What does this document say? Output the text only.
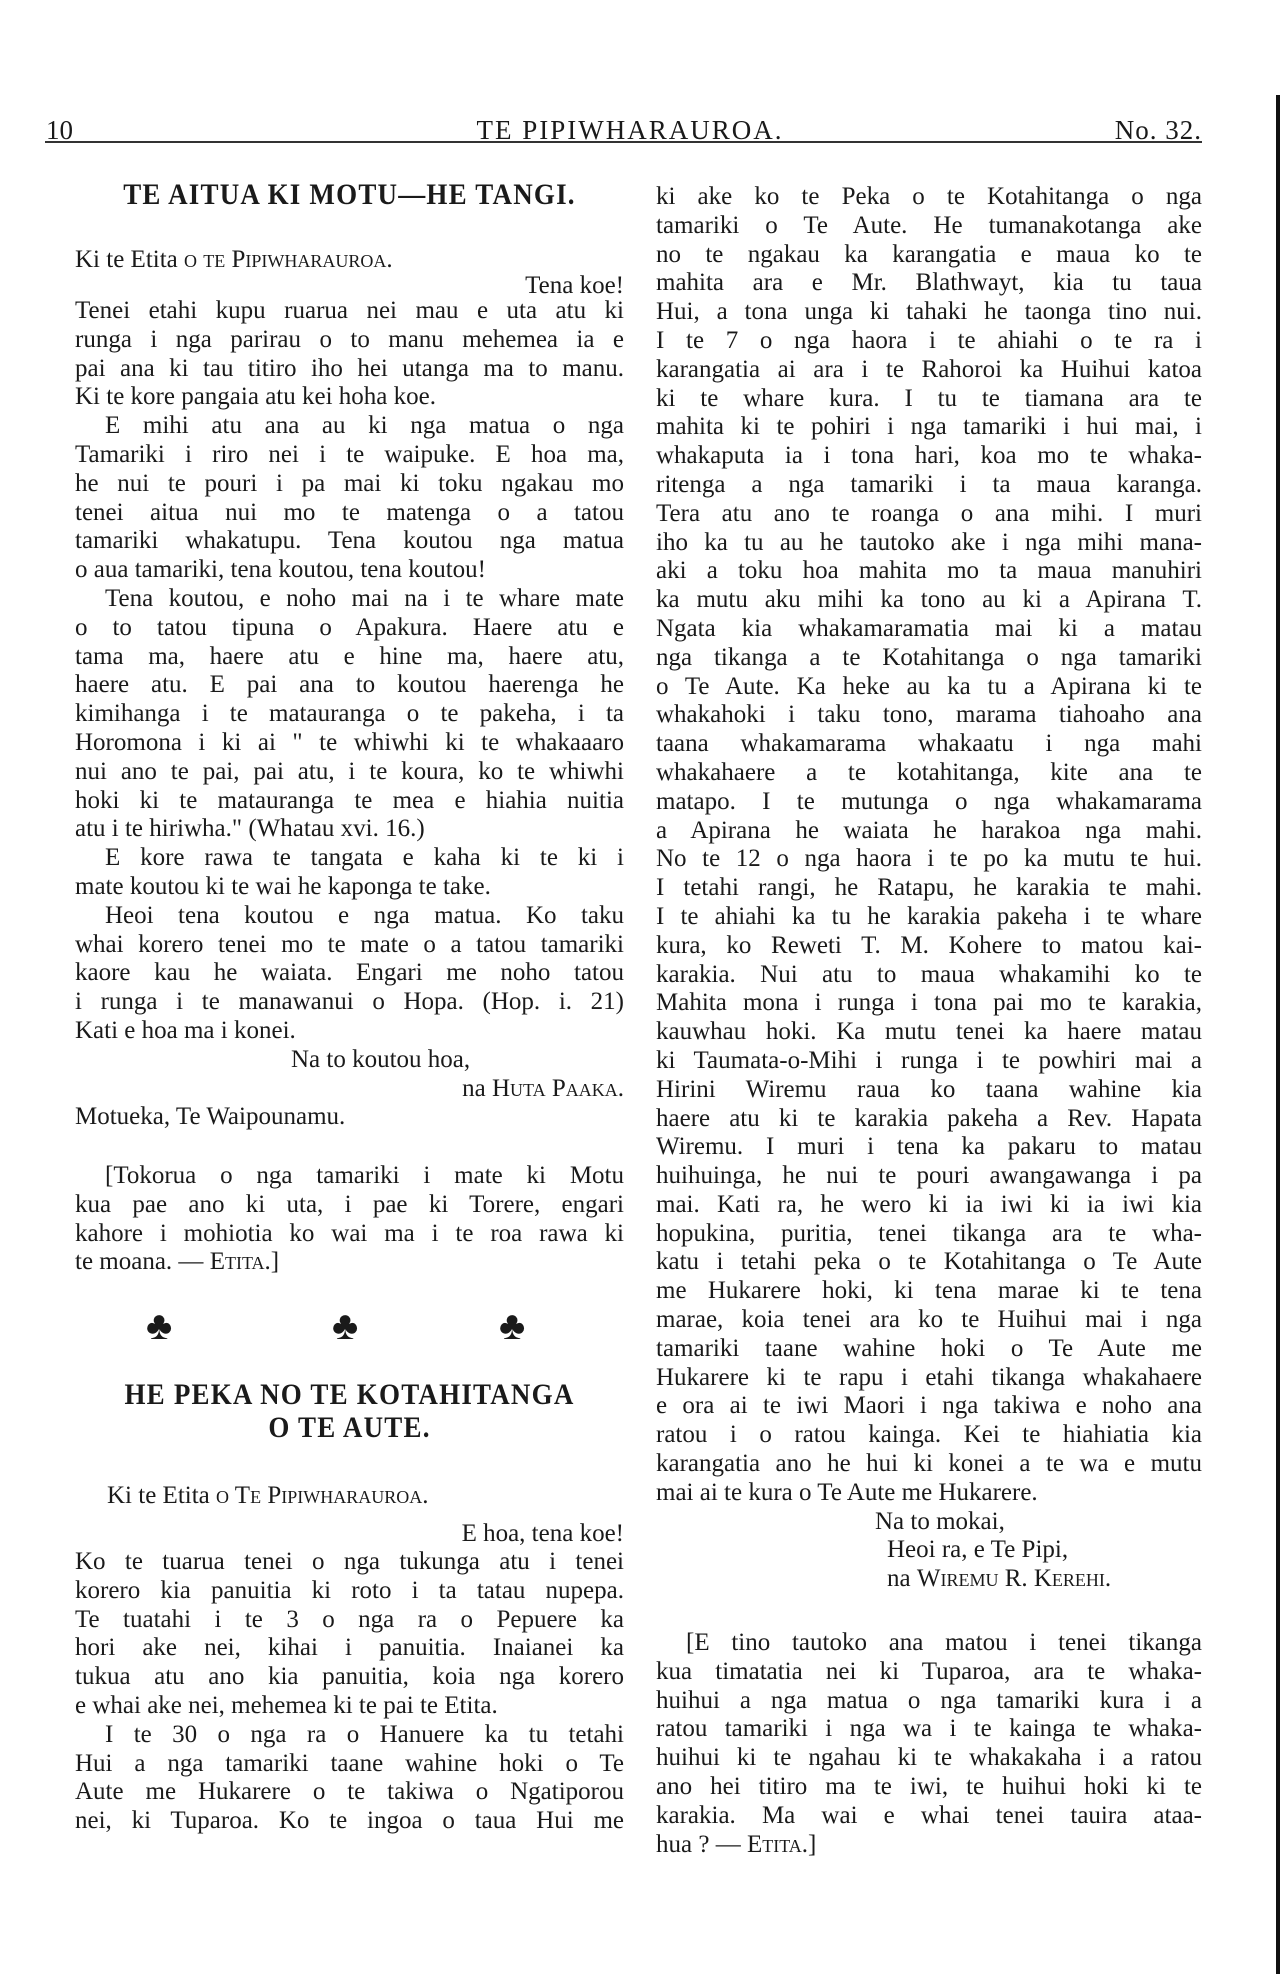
10	TE PIPIWHARAUROA.	No. 32.
TE AITUA KI MOTU—HE TANGI.
Ki te Etita o te Pipiwharauroa.
Tena koe!
Tenei etahi kupu ruarua nei mau e uta atu ki
runga i nga parirau o to manu mehemea ia e
pai ana ki tau titiro iho hei utanga ma to manu.
Ki te kore pangaia atu kei hoha koe.
E mihi atu ana au ki nga matua o nga
Tamariki i riro nei i te waipuke. E hoa ma,
he nui te pouri i pa mai ki toku ngakau mo
tenei aitua nui mo te matenga o a tatou
tamariki whakatupu. Tena koutou nga matua
o aua tamariki, tena koutou, tena koutou!
Tena koutou, e noho mai na i te whare mate
o to tatou tipuna o Apakura. Haere atu e
tama ma, haere atu e hine ma, haere atu,
haere atu. E pai ana to koutou haerenga he
kimihanga i te matauranga o te pakeha, i ta
Horomona i ki ai " te whiwhi ki te whakaaaro
nui ano te pai, pai atu, i te koura, ko te whiwhi
hoki ki te matauranga te mea e hiahia nuitia
atu i te hiriwha." (Whatau xvi. 16.)
E kore rawa te tangata e kaha ki te ki i
mate koutou ki te wai he kaponga te take.
Heoi tena koutou e nga matua. Ko taku
whai korero tenei mo te mate o a tatou tamariki
kaore kau he waiata. Engari me noho tatou
i runga i te manawanui o Hopa. (Hop. i. 21)
Kati e hoa ma i konei.
Na to koutou hoa,
na Huta Paaka.
Motueka, Te Waipounamu.
[Tokorua o nga tamariki i mate ki Motu
kua pae ano ki uta, i pae ki Torere, engari
kahore i mohiotia ko wai ma i te roa rawa ki
te moana. — Etita.]
HE PEKA NO TE KOTAHITANGA
O TE AUTE.
Ki te Etita o Te Pipiwharauroa.
E hoa, tena koe!
Ko te tuarua tenei o nga tukunga atu i tenei
korero kia panuitia ki roto i ta tatau nupepa.
Te tuatahi i te 3 o nga ra o Pepuere ka
hori ake nei, kihai i panuitia. Inaianei ka
tukua atu ano kia panuitia, koia nga korero
e whai ake nei, mehemea ki te pai te Etita.
I te 30 o nga ra o Hanuere ka tu tetahi
Hui a nga tamariki taane wahine hoki o Te
Aute me Hukarere o te takiwa o Ngatiporou
nei, ki Tuparoa. Ko te ingoa o taua Hui me
♣
♣
♣
ki ake ko te Peka o te Kotahitanga o nga
tamariki o Te Aute. He tumanakotanga ake
no te ngakau ka karangatia e maua ko te
mahita ara e Mr. Blathwayt, kia tu taua
Hui, a tona unga ki tahaki he taonga tino nui.
I te 7 o nga haora i te ahiahi o te ra i
karangatia ai ara i te Rahoroi ka Huihui katoa
ki te whare kura. I tu te tiamana ara te
mahita ki te pohiri i nga tamariki i hui mai, i
whakaputa ia i tona hari, koa mo te whaka-
ritenga a nga tamariki i ta maua karanga.
Tera atu ano te roanga o ana mihi. I muri
iho ka tu au he tautoko ake i nga mihi mana-
aki a toku hoa mahita mo ta maua manuhiri
ka mutu aku mihi ka tono au ki a Apirana T.
Ngata kia whakamaramatia mai ki a matau
nga tikanga a te Kotahitanga o nga tamariki
o Te Aute. Ka heke au ka tu a Apirana ki te
whakahoki i taku tono, marama tiahoaho ana
taana whakamarama whakaatu i nga mahi
whakahaere a te kotahitanga, kite ana te
matapo. I te mutunga o nga whakamarama
a Apirana he waiata he harakoa nga mahi.
No te 12 o nga haora i te po ka mutu te hui.
I tetahi rangi, he Ratapu, he karakia te mahi.
I te ahiahi ka tu he karakia pakeha i te whare
kura, ko Reweti T. M. Kohere to matou kai-
karakia. Nui atu to maua whakamihi ko te
Mahita mona i runga i tona pai mo te karakia,
kauwhau hoki. Ka mutu tenei ka haere matau
ki Taumata-o-Mihi i runga i te powhiri mai a
Hirini Wiremu raua ko taana wahine kia
haere atu ki te karakia pakeha a Rev. Hapata
Wiremu. I muri i tena ka pakaru to matau
huihuinga, he nui te pouri awangawanga i pa
mai. Kati ra, he wero ki ia iwi ki ia iwi kia
hopukina, puritia, tenei tikanga ara te wha-
katu i tetahi peka o te Kotahitanga o Te Aute
me Hukarere hoki, ki tena marae ki te tena
marae, koia tenei ara ko te Huihui mai i nga
tamariki taane wahine hoki o Te Aute me
Hukarere ki te rapu i etahi tikanga whakahaere
e ora ai te iwi Maori i nga takiwa e noho ana
ratou i o ratou kainga. Kei te hiahiatia kia
karangatia ano he hui ki konei a te wa e mutu
mai ai te kura o Te Aute me Hukarere.
Na to mokai,
Heoi ra, e Te Pipi,
na Wiremu R. Kerehi.
[E tino tautoko ana matou i tenei tikanga
kua timatatia nei ki Tuparoa, ara te whaka-
huihui a nga matua o nga tamariki kura i a
ratou tamariki i nga wa i te kainga te whaka-
huihui ki te ngahau ki te whakakaha i a ratou
ano hei titiro ma te iwi, te huihui hoki ki te
karakia. Ma wai e whai tenei tauira ataa-
hua ? — Etita.]
